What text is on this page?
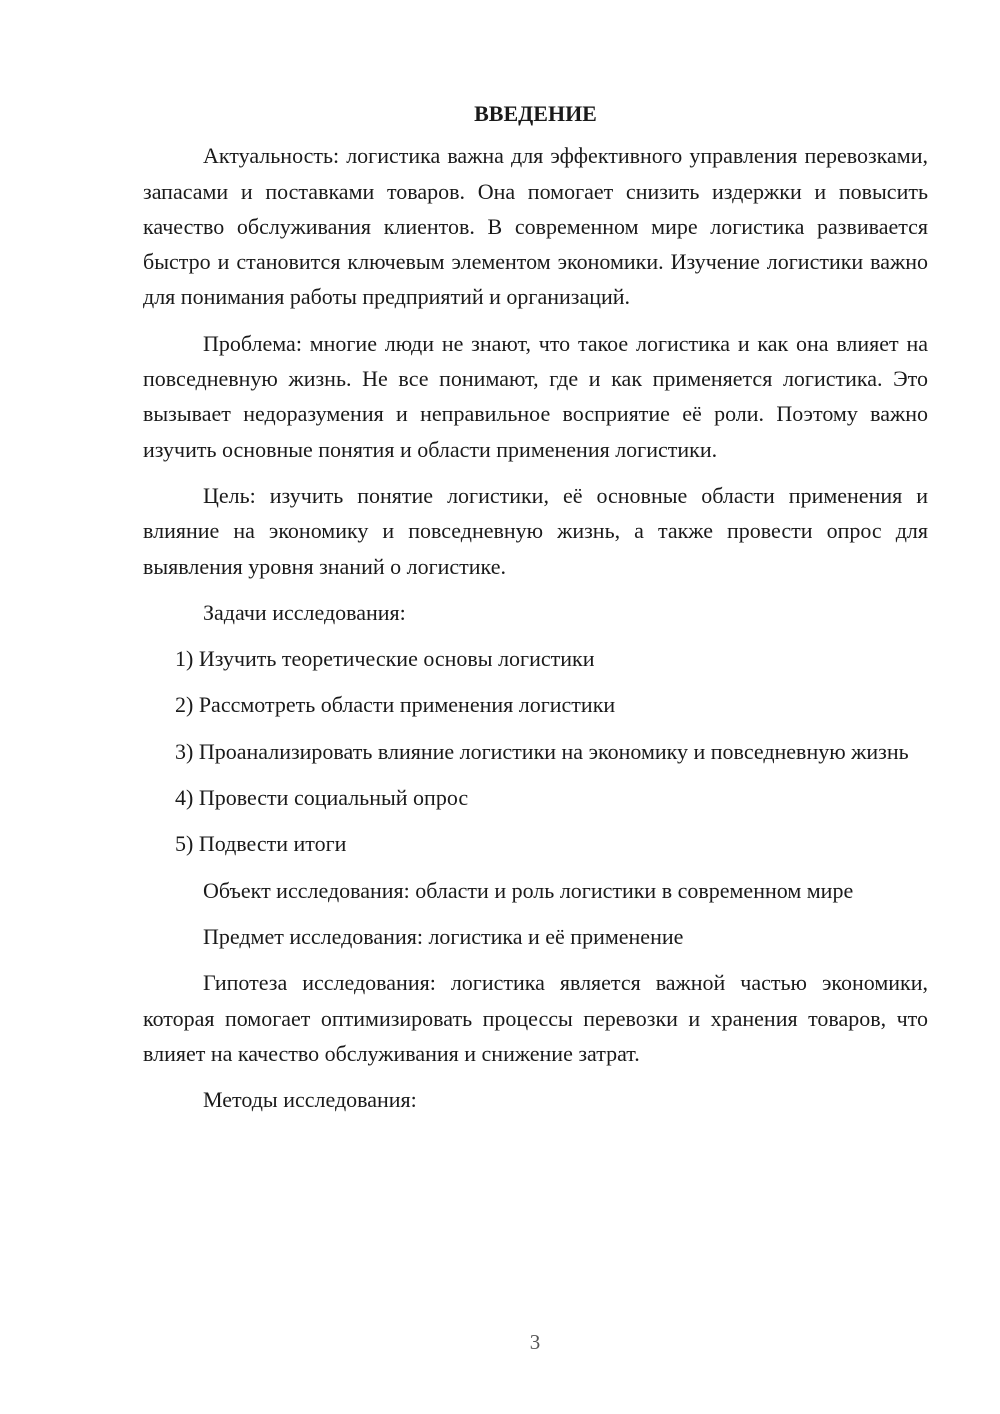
ВВЕДЕНИЕ

Актуальность: логистика важна для эффективного управления перевозками, запасами и поставками товаров. Она помогает снизить издержки и повысить качество обслуживания клиентов. В современном мире логистика развивается быстро и становится ключевым элементом экономики. Изучение логистики важно для понимания работы предприятий и организаций.

Проблема: многие люди не знают, что такое логистика и как она влияет на повседневную жизнь. Не все понимают, где и как применяется логистика. Это вызывает недоразумения и неправильное восприятие её роли. Поэтому важно изучить основные понятия и области применения логистики.

Цель: изучить понятие логистики, её основные области применения и влияние на экономику и повседневную жизнь, а также провести опрос для выявления уровня знаний о логистике.

Задачи исследования:

1) Изучить теоретические основы логистики

2) Рассмотреть области применения логистики

3) Проанализировать влияние логистики на экономику и повседневную жизнь

4) Провести социальный опрос

5) Подвести итоги

Объект исследования: области и роль логистики в современном мире

Предмет исследования: логистика и её применение

Гипотеза исследования: логистика является важной частью экономики, которая помогает оптимизировать процессы перевозки и хранения товаров, что влияет на качество обслуживания и снижение затрат.

Методы исследования:

3
